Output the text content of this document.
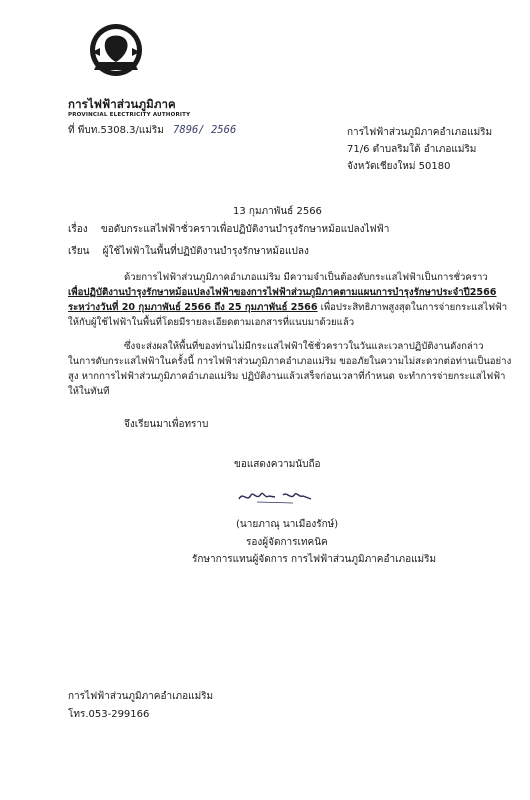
การไฟฟ้าส่วนภูมิภาค
PROVINCIAL ELECTRICITY AUTHORITY
ที่ พีบท.5308.3/แม่ริม 7896/ 2566	การไฟฟ้าส่วนภูมิภาคอำเภอแม่ริม
71/6 ตำบลริมใต้ อำเภอแม่ริม
จังหวัดเชียงใหม่ 50180
13 กุมภาพันธ์ 2566
เรื่อง ขอดับกระแสไฟฟ้าชั่วคราวเพื่อปฏิบัติงานบำรุงรักษาหม้อแปลงไฟฟ้า
เรียน ผู้ใช้ไฟฟ้าในพื้นที่ปฏิบัติงานบำรุงรักษาหม้อแปลง
ด้วยการไฟฟ้าส่วนภูมิภาคอำเภอแม่ริม มีความจำเป็นต้องดับกระแสไฟฟ้าเป็นการชั่วคราว
เพื่อปฏิบัติงานบำรุงรักษาหม้อแปลงไฟฟ้าของการไฟฟ้าส่วนภูมิภาคตามแผนการบำรุงรักษาประจำปี2566
ระหว่างวันที่ 20 กุมภาพันธ์ 2566 ถึง 25 กุมภาพันธ์ 2566 เพื่อประสิทธิภาพสูงสุดในการจ่ายกระแสไฟฟ้า
ให้กับผู้ใช้ไฟฟ้าในพื้นที่โดยมีรายละเอียดตามเอกสารที่แนบมาด้วยแล้ว
ซึ่งจะส่งผลให้พื้นที่ของท่านไม่มีกระแสไฟฟ้าใช้ชั่วคราวในวันและเวลาปฏิบัติงานดังกล่าว
ในการดับกระแสไฟฟ้าในครั้งนี้ การไฟฟ้าส่วนภูมิภาคอำเภอแม่ริม ขออภัยในความไม่สะดวกต่อท่านเป็นอย่าง
สูง หากการไฟฟ้าส่วนภูมิภาคอำเภอแม่ริม ปฏิบัติงานแล้วเสร็จก่อนเวลาที่กำหนด จะทำการจ่ายกระแสไฟฟ้า
ให้ในทันที
จึงเรียนมาเพื่อทราบ
ขอแสดงความนับถือ
(นายภาณุ นาเมืองรักษ์)
รองผู้จัดการเทคนิค
รักษาการแทนผู้จัดการ การไฟฟ้าส่วนภูมิภาคอำเภอแม่ริม
การไฟฟ้าส่วนภูมิภาคอำเภอแม่ริม
โทร.053-299166
